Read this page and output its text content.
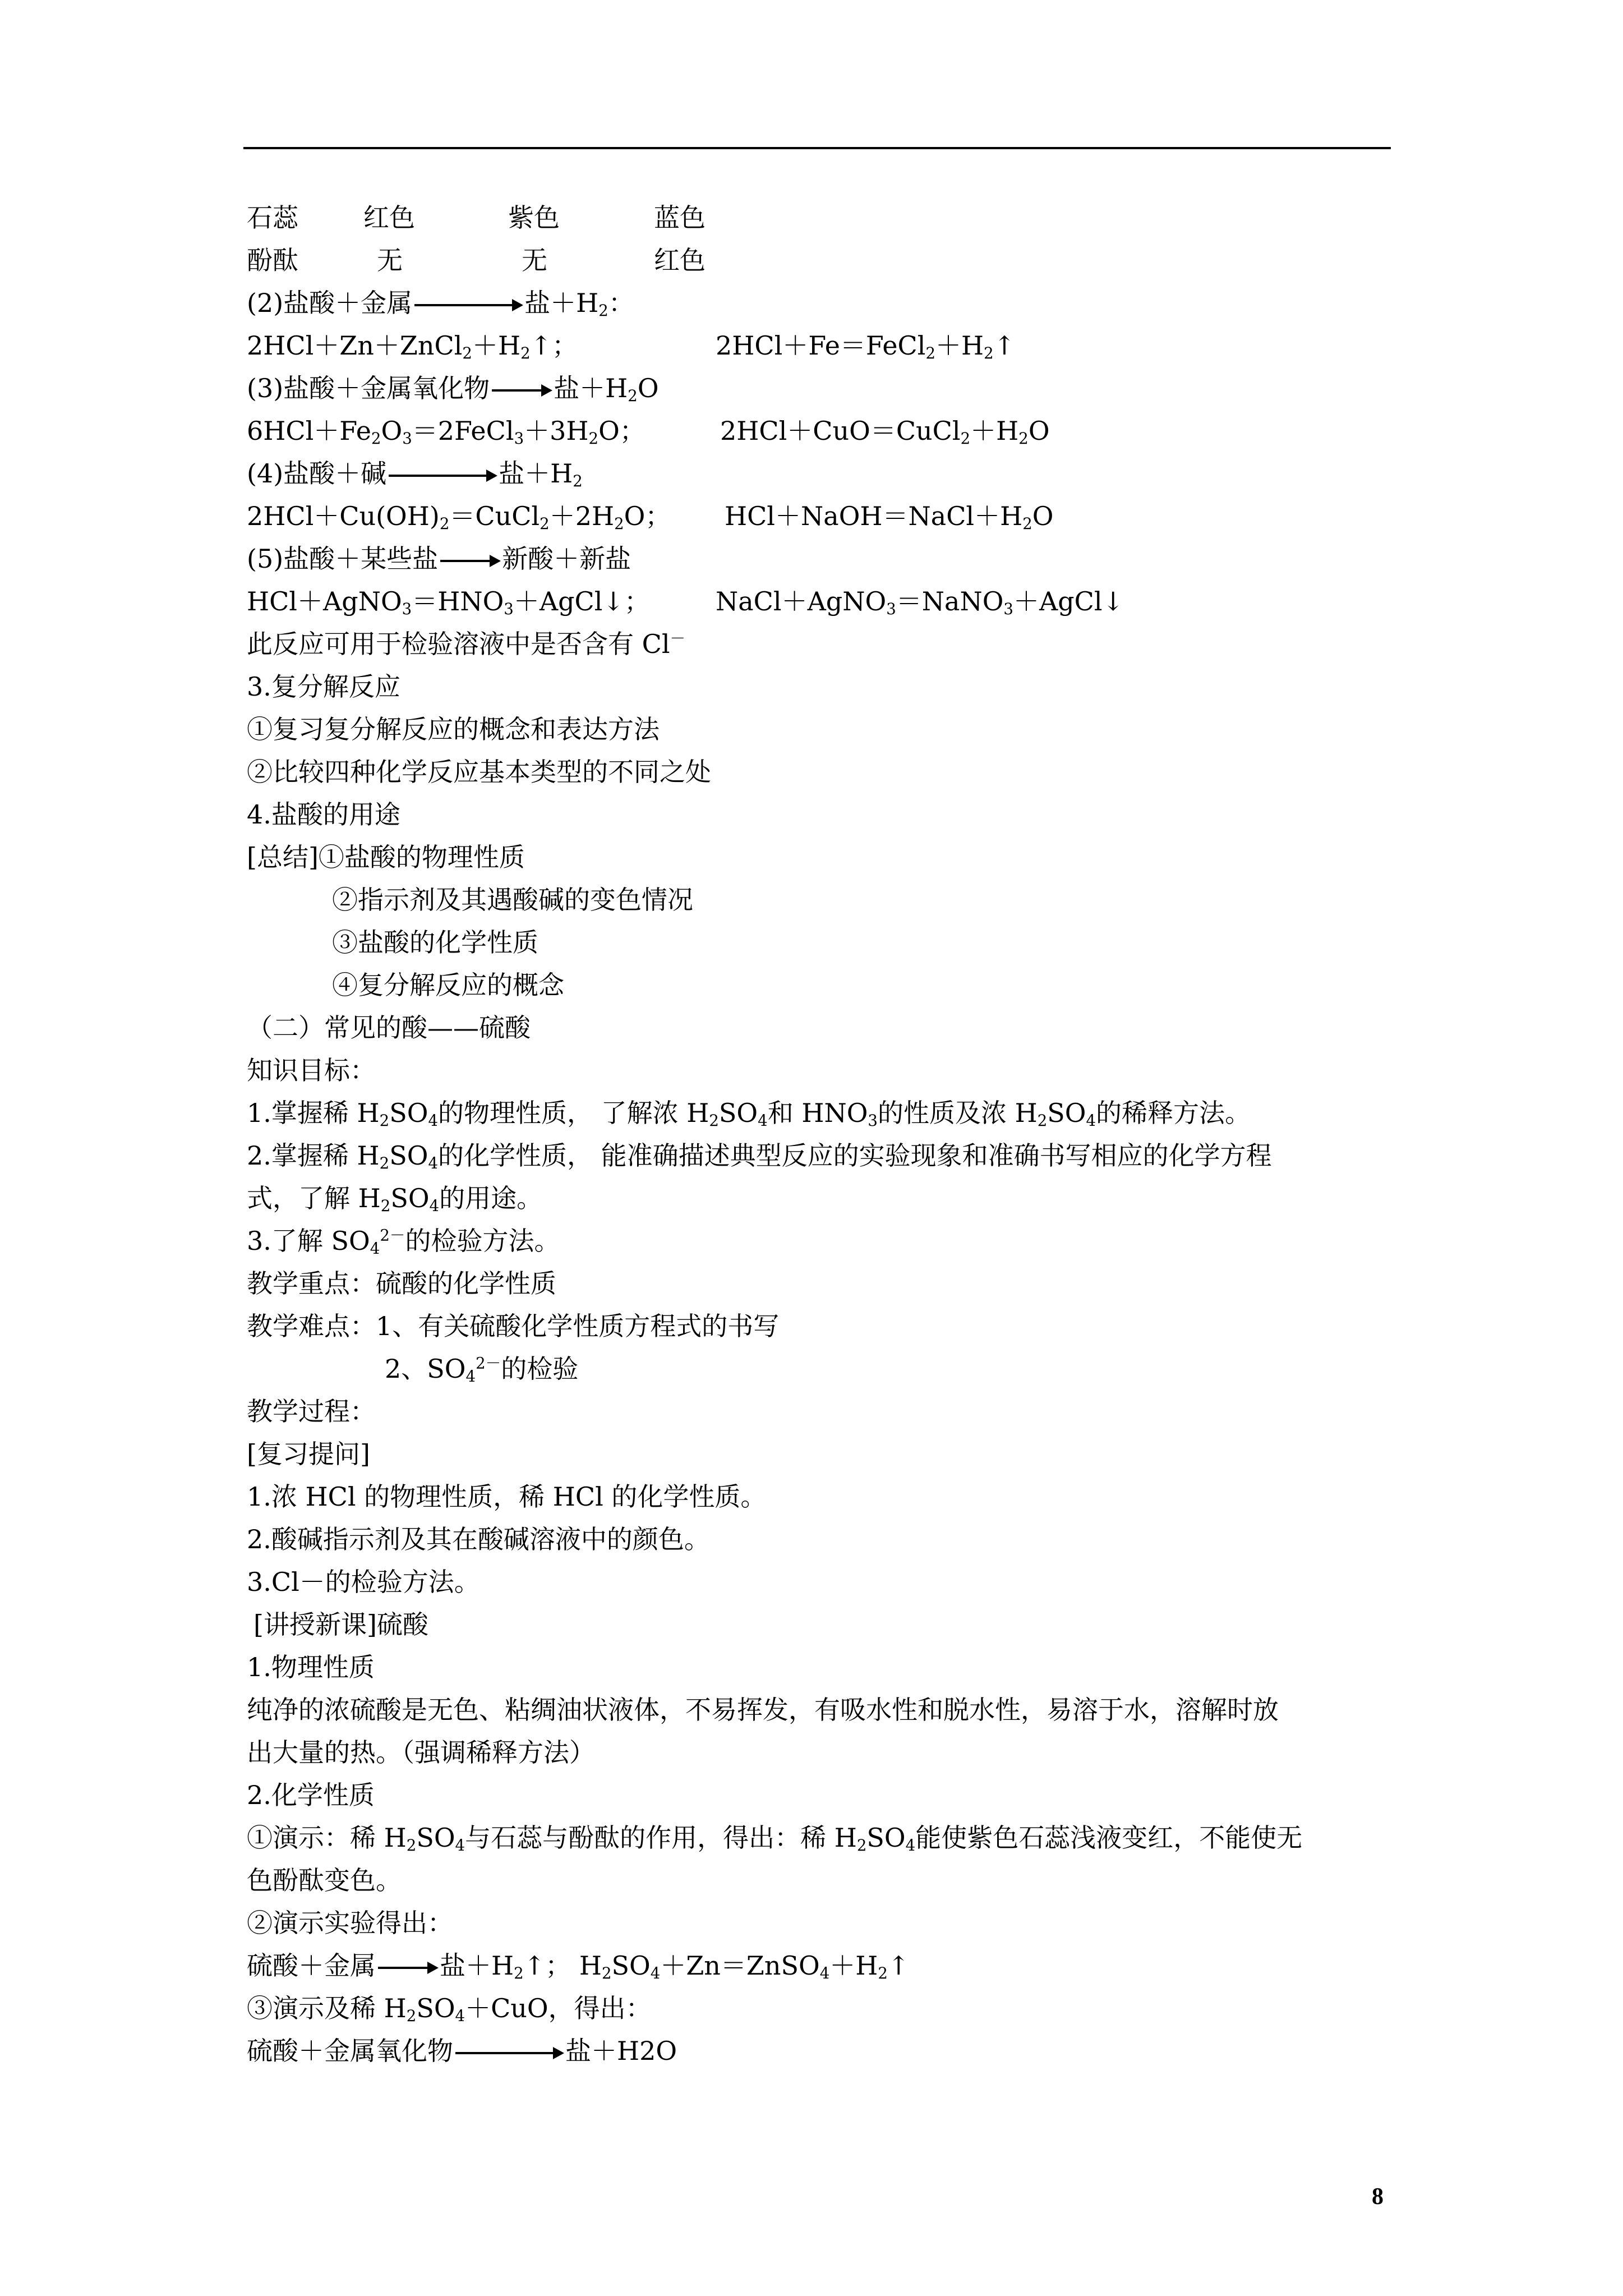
石蕊	红色	紫色	蓝色
酚酞	无	无	红色
(2)盐酸＋金属	盐$+H_2$：
$2HCl+Zn+ZnCl_2+H_2↑$；	$2HCl+Fe=FeCl_2+H_2↑$
(3)盐酸＋金属氧化物 盐$+H_2O$
$6HCl+Fe_2O_3=2FeCl_3+3H_2O$；	$2HCl+CuO=CuCl_2+H_2O$
(4)盐酸＋碱	盐$+H_2$
$2HCl+Cu(OH)_2=CuCl_2+2H_2O$； $HCl+NaOH=NaCl+H_2O$
(5)盐酸＋某些盐 新酸＋新盐
$HCl+AgNO_3=HNO_3+AgCl↓$；	NaCl＋AgNO$_3$＝NaNO$_3$＋AgCl↓
此反应可用于检验溶液中是否含有 Cl－
3.复分解反应
①复习复分解反应的概念和表达方法
②比较四种化学反应基本类型的不同之处
4.盐酸的用途
[总结]①盐酸的物理性质
②指示剂及其遇酸碱的变色情况
③盐酸的化学性质
④复分解反应的概念
（二）常见的酸——硫酸
知识目标：
1.掌握稀 $H_2SO_4$的物理性质， 了解浓 $H_2SO_4$和 $HNO_3$的性质及浓 $H_2SO_4$的稀释方法。
2.掌握稀 $H_2SO_4$的化学性质， 能准确描述典型反应的实验现象和准确书写相应的化学方程
式，了解 $H_2SO_4$的用途。
3.了解 $SO_4^{2-}$的检验方法。
教学重点：硫酸的化学性质
教学难点：1、有关硫酸化学性质方程式的书写
2、$SO_4^{2-}$的检验
教学过程：
[复习提问]
1.浓 HCl 的物理性质，稀 HCl 的化学性质。
2.酸碱指示剂及其在酸碱溶液中的颜色。
3.Cl－的检验方法。
[讲授新课]硫酸
1.物理性质
纯净的浓硫酸是无色、粘绸油状液体，不易挥发，有吸水性和脱水性，易溶于水，溶解时放
出大量的热。（强调稀释方法）
2.化学性质
①演示：稀 $H_2SO_4$与石蕊与酚酞的作用，得出：稀 $H_2SO_4$能使紫色石蕊浅液变红，不能使无
色酚酞变色。
②演示实验得出：
硫酸＋金属 盐$+H_2↑$； $H_2SO_4+Zn=ZnSO_4+H_2↑$
③演示及稀 $H_2SO_4+CuO$，得出：
硫酸＋金属氧化物	盐＋H2O
8
